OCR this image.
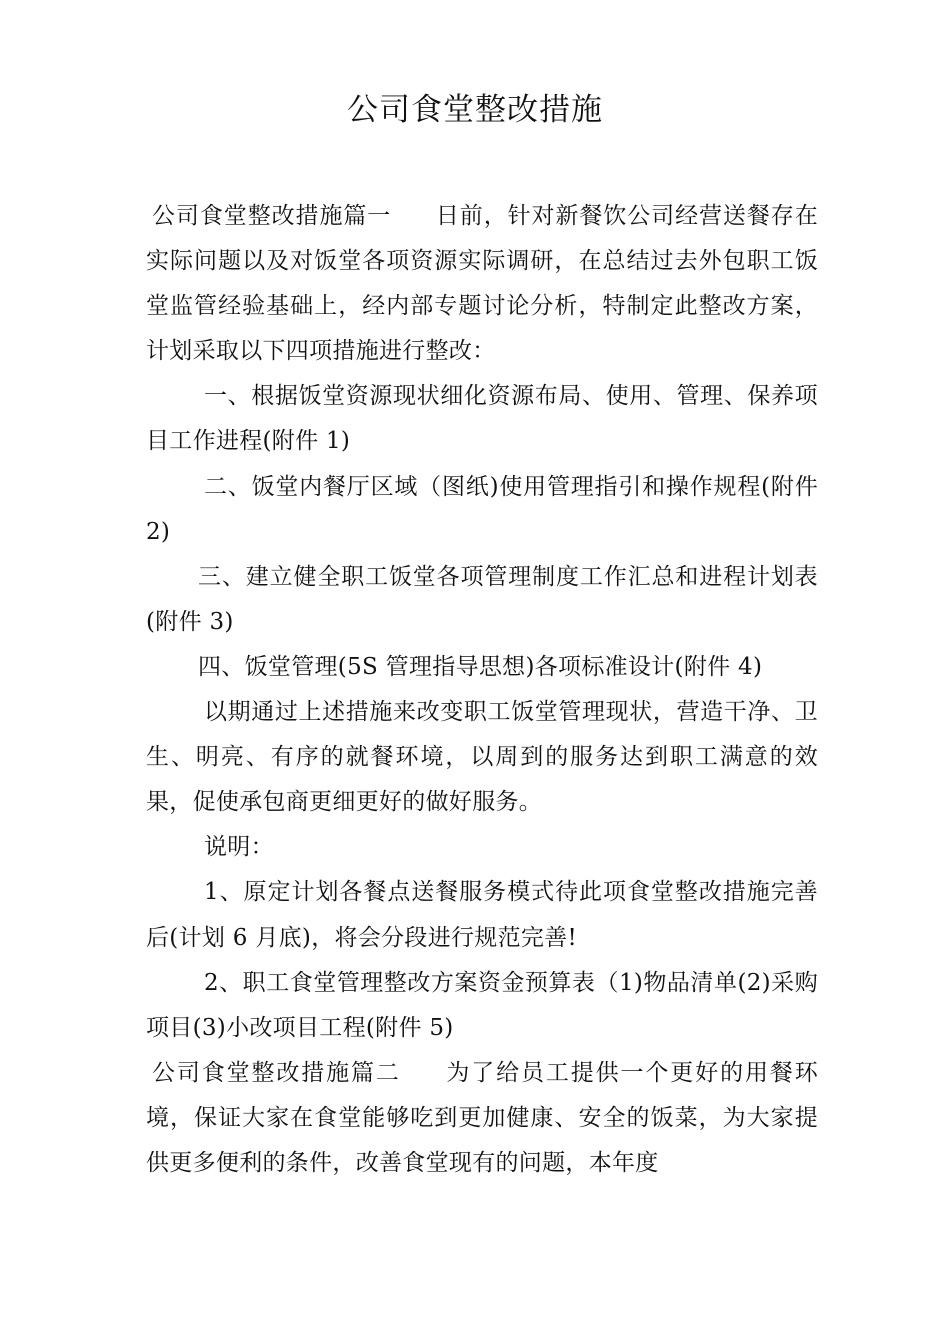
公司食堂整改措施

公司食堂整改措施篇一 日前，针对新餐饮公司经营送餐存在实际问题以及对饭堂各项资源实际调研，在总结过去外包职工饭堂监管经验基础上，经内部专题讨论分析，特制定此整改方案，计划采取以下四项措施进行整改：

一、根据饭堂资源现状细化资源布局、使用、管理、保养项目工作进程(附件 1)

二、饭堂内餐厅区域（图纸)使用管理指引和操作规程(附件 2)

三、建立健全职工饭堂各项管理制度工作汇总和进程计划表(附件 3)

四、饭堂管理(5S 管理指导思想)各项标准设计(附件 4)

以期通过上述措施来改变职工饭堂管理现状，营造干净、卫生、明亮、有序的就餐环境，以周到的服务达到职工满意的效果，促使承包商更细更好的做好服务。

说明：

1、原定计划各餐点送餐服务模式待此项食堂整改措施完善后(计划 6 月底)，将会分段进行规范完善!

2、职工食堂管理整改方案资金预算表（1)物品清单(2)采购项目(3)小改项目工程(附件 5)

公司食堂整改措施篇二 为了给员工提供一个更好的用餐环境，保证大家在食堂能够吃到更加健康、安全的饭菜，为大家提供更多便利的条件，改善食堂现有的问题，本年度
